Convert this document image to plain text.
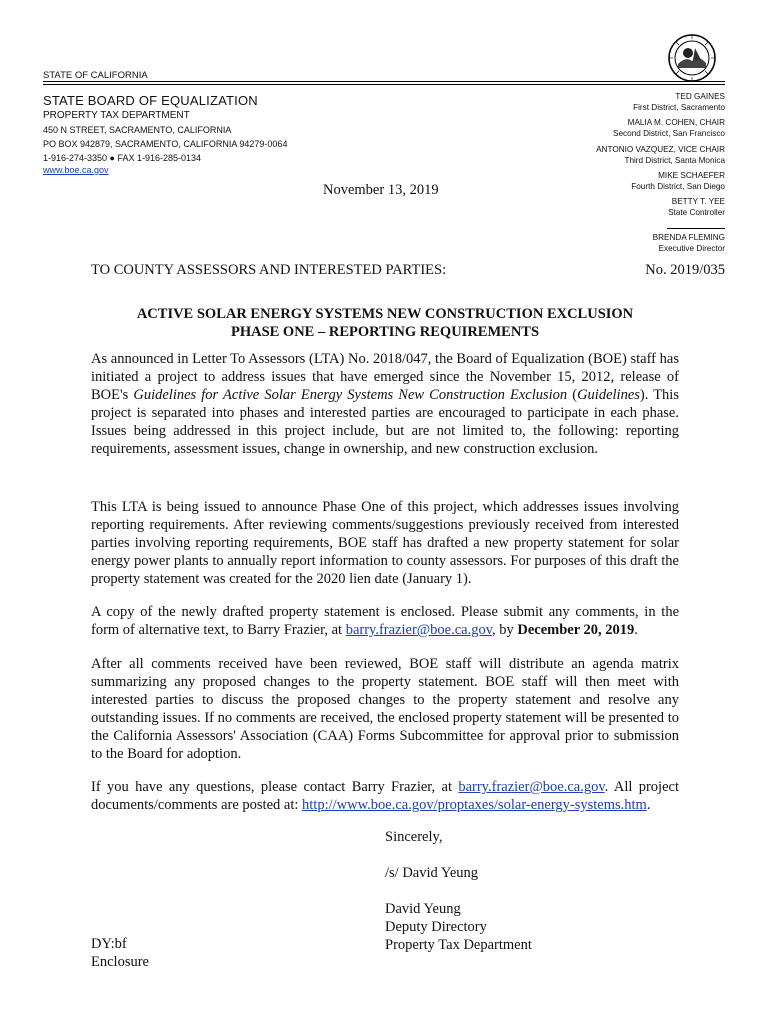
STATE OF CALIFORNIA
STATE BOARD OF EQUALIZATION
PROPERTY TAX DEPARTMENT
450 N STREET, SACRAMENTO, CALIFORNIA
PO BOX 942879, SACRAMENTO, CALIFORNIA 94279-0064
1-916-274-3350 ● FAX 1-916-285-0134
www.boe.ca.gov
TED GAINES
First District, Sacramento
MALIA M. COHEN, CHAIR
Second District, San Francisco
ANTONIO VAZQUEZ, VICE CHAIR
Third District, Santa Monica
MIKE SCHAEFER
Fourth District, San Diego
BETTY T. YEE
State Controller
BRENDA FLEMING
Executive Director
November 13, 2019
TO COUNTY ASSESSORS AND INTERESTED PARTIES:	No. 2019/035
ACTIVE SOLAR ENERGY SYSTEMS NEW CONSTRUCTION EXCLUSION
PHASE ONE – REPORTING REQUIREMENTS
As announced in Letter To Assessors (LTA) No. 2018/047, the Board of Equalization (BOE) staff has initiated a project to address issues that have emerged since the November 15, 2012, release of BOE's Guidelines for Active Solar Energy Systems New Construction Exclusion (Guidelines). This project is separated into phases and interested parties are encouraged to participate in each phase. Issues being addressed in this project include, but are not limited to, the following: reporting requirements, assessment issues, change in ownership, and new construction exclusion.
This LTA is being issued to announce Phase One of this project, which addresses issues involving reporting requirements. After reviewing comments/suggestions previously received from interested parties involving reporting requirements, BOE staff has drafted a new property statement for solar energy power plants to annually report information to county assessors. For purposes of this draft the property statement was created for the 2020 lien date (January 1).
A copy of the newly drafted property statement is enclosed. Please submit any comments, in the form of alternative text, to Barry Frazier, at barry.frazier@boe.ca.gov, by December 20, 2019.
After all comments received have been reviewed, BOE staff will distribute an agenda matrix summarizing any proposed changes to the property statement. BOE staff will then meet with interested parties to discuss the proposed changes to the property statement and resolve any outstanding issues. If no comments are received, the enclosed property statement will be presented to the California Assessors' Association (CAA) Forms Subcommittee for approval prior to submission to the Board for adoption.
If you have any questions, please contact Barry Frazier, at barry.frazier@boe.ca.gov. All project documents/comments are posted at: http://www.boe.ca.gov/proptaxes/solar-energy-systems.htm.
Sincerely,
/s/ David Yeung
David Yeung
Deputy Directory
Property Tax Department
DY:bf
Enclosure
